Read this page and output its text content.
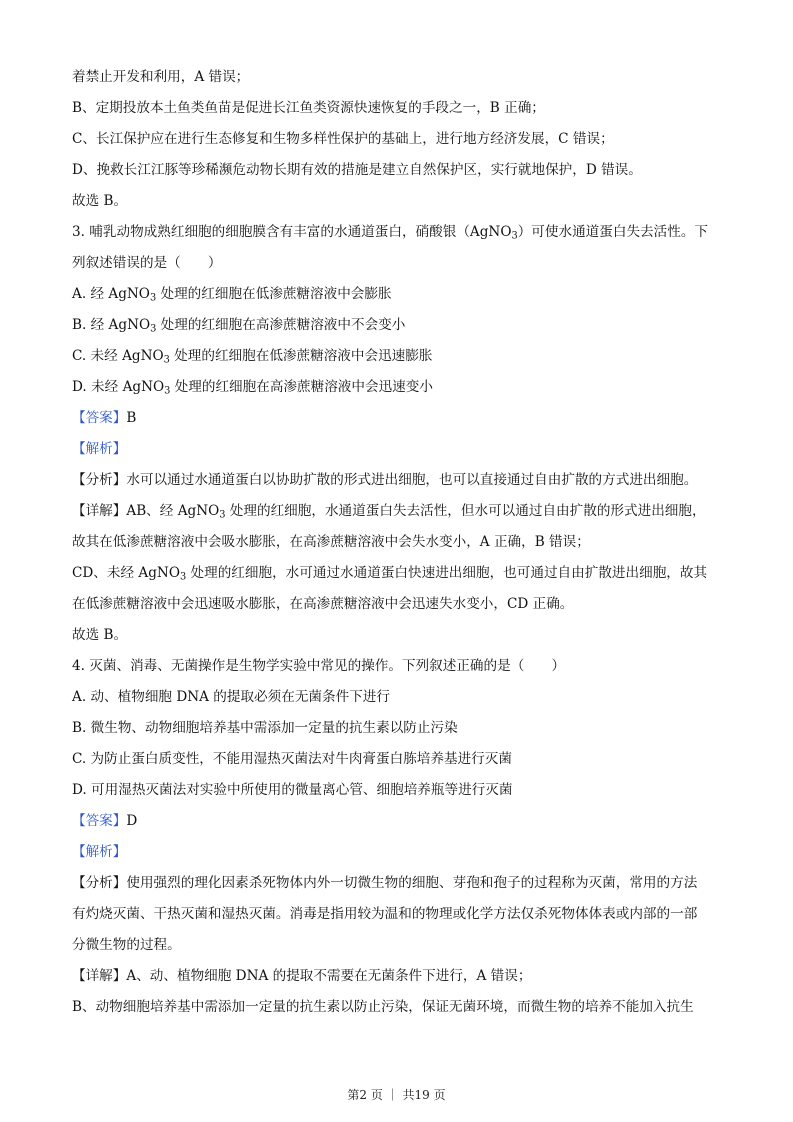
着禁止开发和利用，A 错误；
B、定期投放本土鱼类鱼苗是促进长江鱼类资源快速恢复的手段之一，B 正确；
C、长江保护应在进行生态修复和生物多样性保护的基础上，进行地方经济发展，C 错误；
D、挽救长江江豚等珍稀濒危动物长期有效的措施是建立自然保护区，实行就地保护，D 错误。
故选 B。
3. 哺乳动物成熟红细胞的细胞膜含有丰富的水通道蛋白，硝酸银（AgNO$_3$）可使水通道蛋白失去活性。下
列叙述错误的是（　　）
A. 经 AgNO$_3$ 处理的红细胞在低渗蔗糖溶液中会膨胀
B. 经 AgNO$_3$ 处理的红细胞在高渗蔗糖溶液中不会变小
C. 未经 AgNO$_3$ 处理的红细胞在低渗蔗糖溶液中会迅速膨胀
D. 未经 AgNO$_3$ 处理的红细胞在高渗蔗糖溶液中会迅速变小
【答案】B
【解析】
【分析】水可以通过水通道蛋白以协助扩散的形式进出细胞，也可以直接通过自由扩散的方式进出细胞。
【详解】AB、经 AgNO$_3$ 处理的红细胞，水通道蛋白失去活性，但水可以通过自由扩散的形式进出细胞，
故其在低渗蔗糖溶液中会吸水膨胀，在高渗蔗糖溶液中会失水变小，A 正确，B 错误；
CD、未经 AgNO$_3$ 处理的红细胞，水可通过水通道蛋白快速进出细胞，也可通过自由扩散进出细胞，故其
在低渗蔗糖溶液中会迅速吸水膨胀，在高渗蔗糖溶液中会迅速失水变小，CD 正确。
故选 B。
4. 灭菌、消毒、无菌操作是生物学实验中常见的操作。下列叙述正确的是（　　）
A. 动、植物细胞 DNA 的提取必须在无菌条件下进行
B. 微生物、动物细胞培养基中需添加一定量的抗生素以防止污染
C. 为防止蛋白质变性，不能用湿热灭菌法对牛肉膏蛋白胨培养基进行灭菌
D. 可用湿热灭菌法对实验中所使用的微量离心管、细胞培养瓶等进行灭菌
【答案】D
【解析】
【分析】使用强烈的理化因素杀死物体内外一切微生物的细胞、芽孢和孢子的过程称为灭菌，常用的方法
有灼烧灭菌、干热灭菌和湿热灭菌。消毒是指用较为温和的物理或化学方法仅杀死物体体表或内部的一部
分微生物的过程。
【详解】A、动、植物细胞 DNA 的提取不需要在无菌条件下进行，A 错误；
B、动物细胞培养基中需添加一定量的抗生素以防止污染，保证无菌环境，而微生物的培养不能加入抗生
第2 页 ｜ 共19 页
